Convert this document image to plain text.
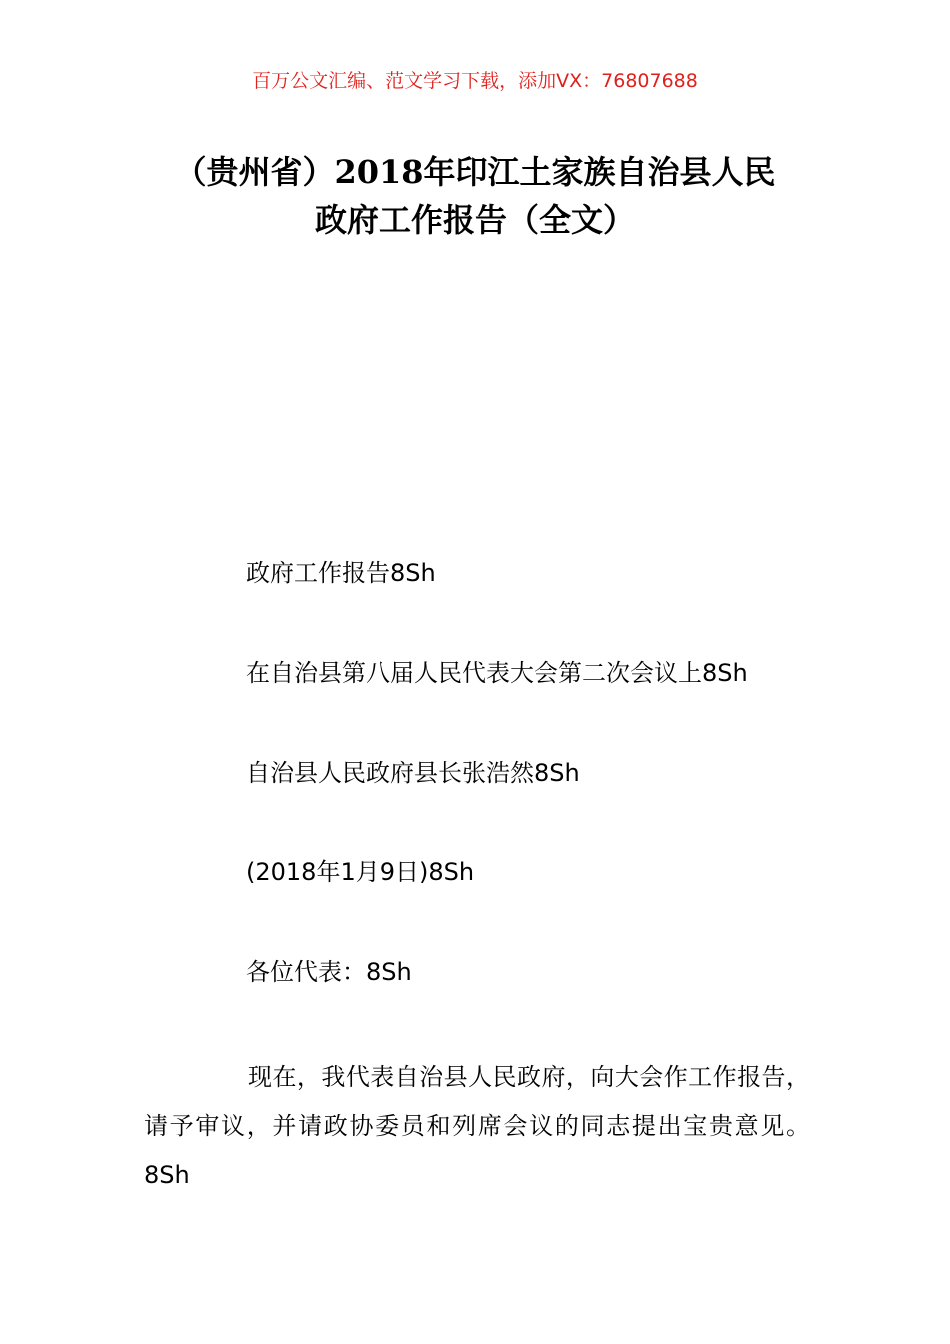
百万公文汇编、范文学习下载，添加VX：76807688
（贵州省）2018年印江土家族自治县人民
政府工作报告（全文）
政府工作报告8Sh
在自治县第八届人民代表大会第二次会议上8Sh
自治县人民政府县长张浩然8Sh
(2018年1月9日)8Sh
各位代表：8Sh
现在，我代表自治县人民政府，向大会作工作报告，请予审议，并请政协委员和列席会议的同志提出宝贵意见。8Sh
